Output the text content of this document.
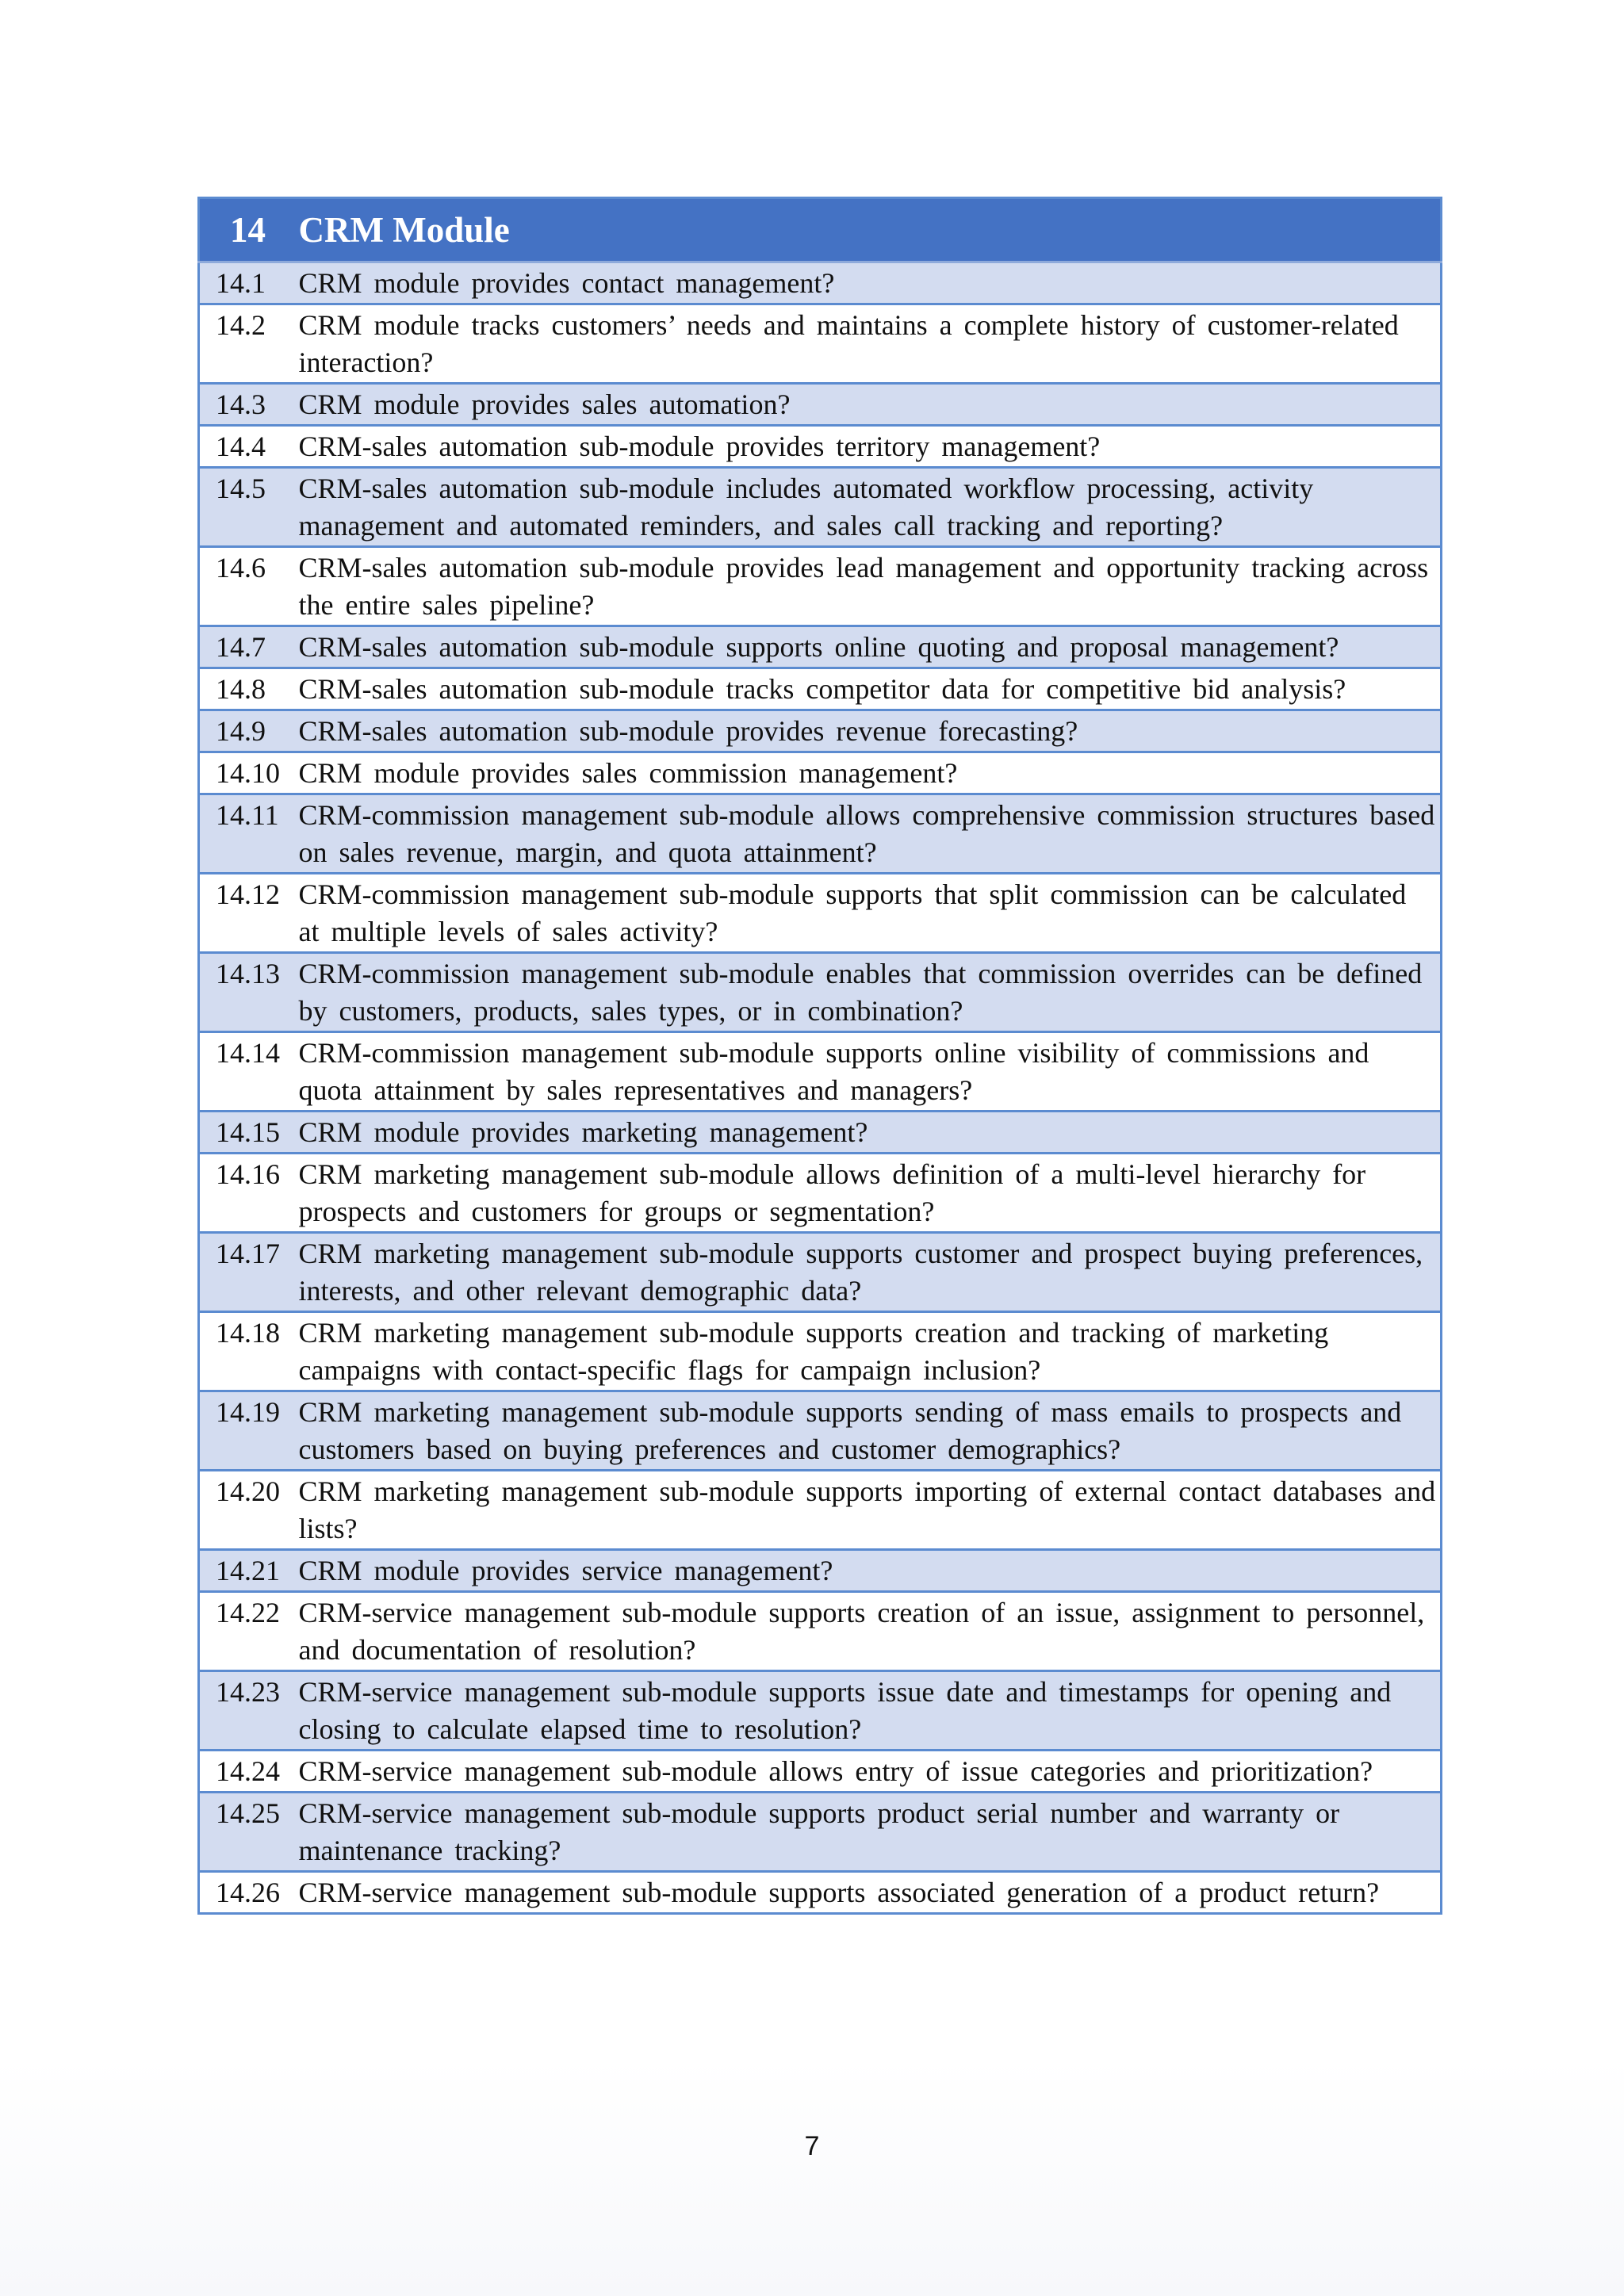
14	CRM Module
14.1	CRM module provides contact management?
14.2	CRM module tracks customers’ needs and maintains a complete history of customer-related interaction?
14.3	CRM module provides sales automation?
14.4	CRM-sales automation sub-module provides territory management?
14.5	CRM-sales automation sub-module includes automated workflow processing, activity management and automated reminders, and sales call tracking and reporting?
14.6	CRM-sales automation sub-module provides lead management and opportunity tracking across the entire sales pipeline?
14.7	CRM-sales automation sub-module supports online quoting and proposal management?
14.8	CRM-sales automation sub-module tracks competitor data for competitive bid analysis?
14.9	CRM-sales automation sub-module provides revenue forecasting?
14.10	CRM module provides sales commission management?
14.11	CRM-commission management sub-module allows comprehensive commission structures based on sales revenue, margin, and quota attainment?
14.12	CRM-commission management sub-module supports that split commission can be calculated at multiple levels of sales activity?
14.13	CRM-commission management sub-module enables that commission overrides can be defined by customers, products, sales types, or in combination?
14.14	CRM-commission management sub-module supports online visibility of commissions and quota attainment by sales representatives and managers?
14.15	CRM module provides marketing management?
14.16	CRM marketing management sub-module allows definition of a multi-level hierarchy for prospects and customers for groups or segmentation?
14.17	CRM marketing management sub-module supports customer and prospect buying preferences, interests, and other relevant demographic data?
14.18	CRM marketing management sub-module supports creation and tracking of marketing campaigns with contact-specific flags for campaign inclusion?
14.19	CRM marketing management sub-module supports sending of mass emails to prospects and customers based on buying preferences and customer demographics?
14.20	CRM marketing management sub-module supports importing of external contact databases and lists?
14.21	CRM module provides service management?
14.22	CRM-service management sub-module supports creation of an issue, assignment to personnel, and documentation of resolution?
14.23	CRM-service management sub-module supports issue date and timestamps for opening and closing to calculate elapsed time to resolution?
14.24	CRM-service management sub-module allows entry of issue categories and prioritization?
14.25	CRM-service management sub-module supports product serial number and warranty or maintenance tracking?
14.26	CRM-service management sub-module supports associated generation of a product return?
7
